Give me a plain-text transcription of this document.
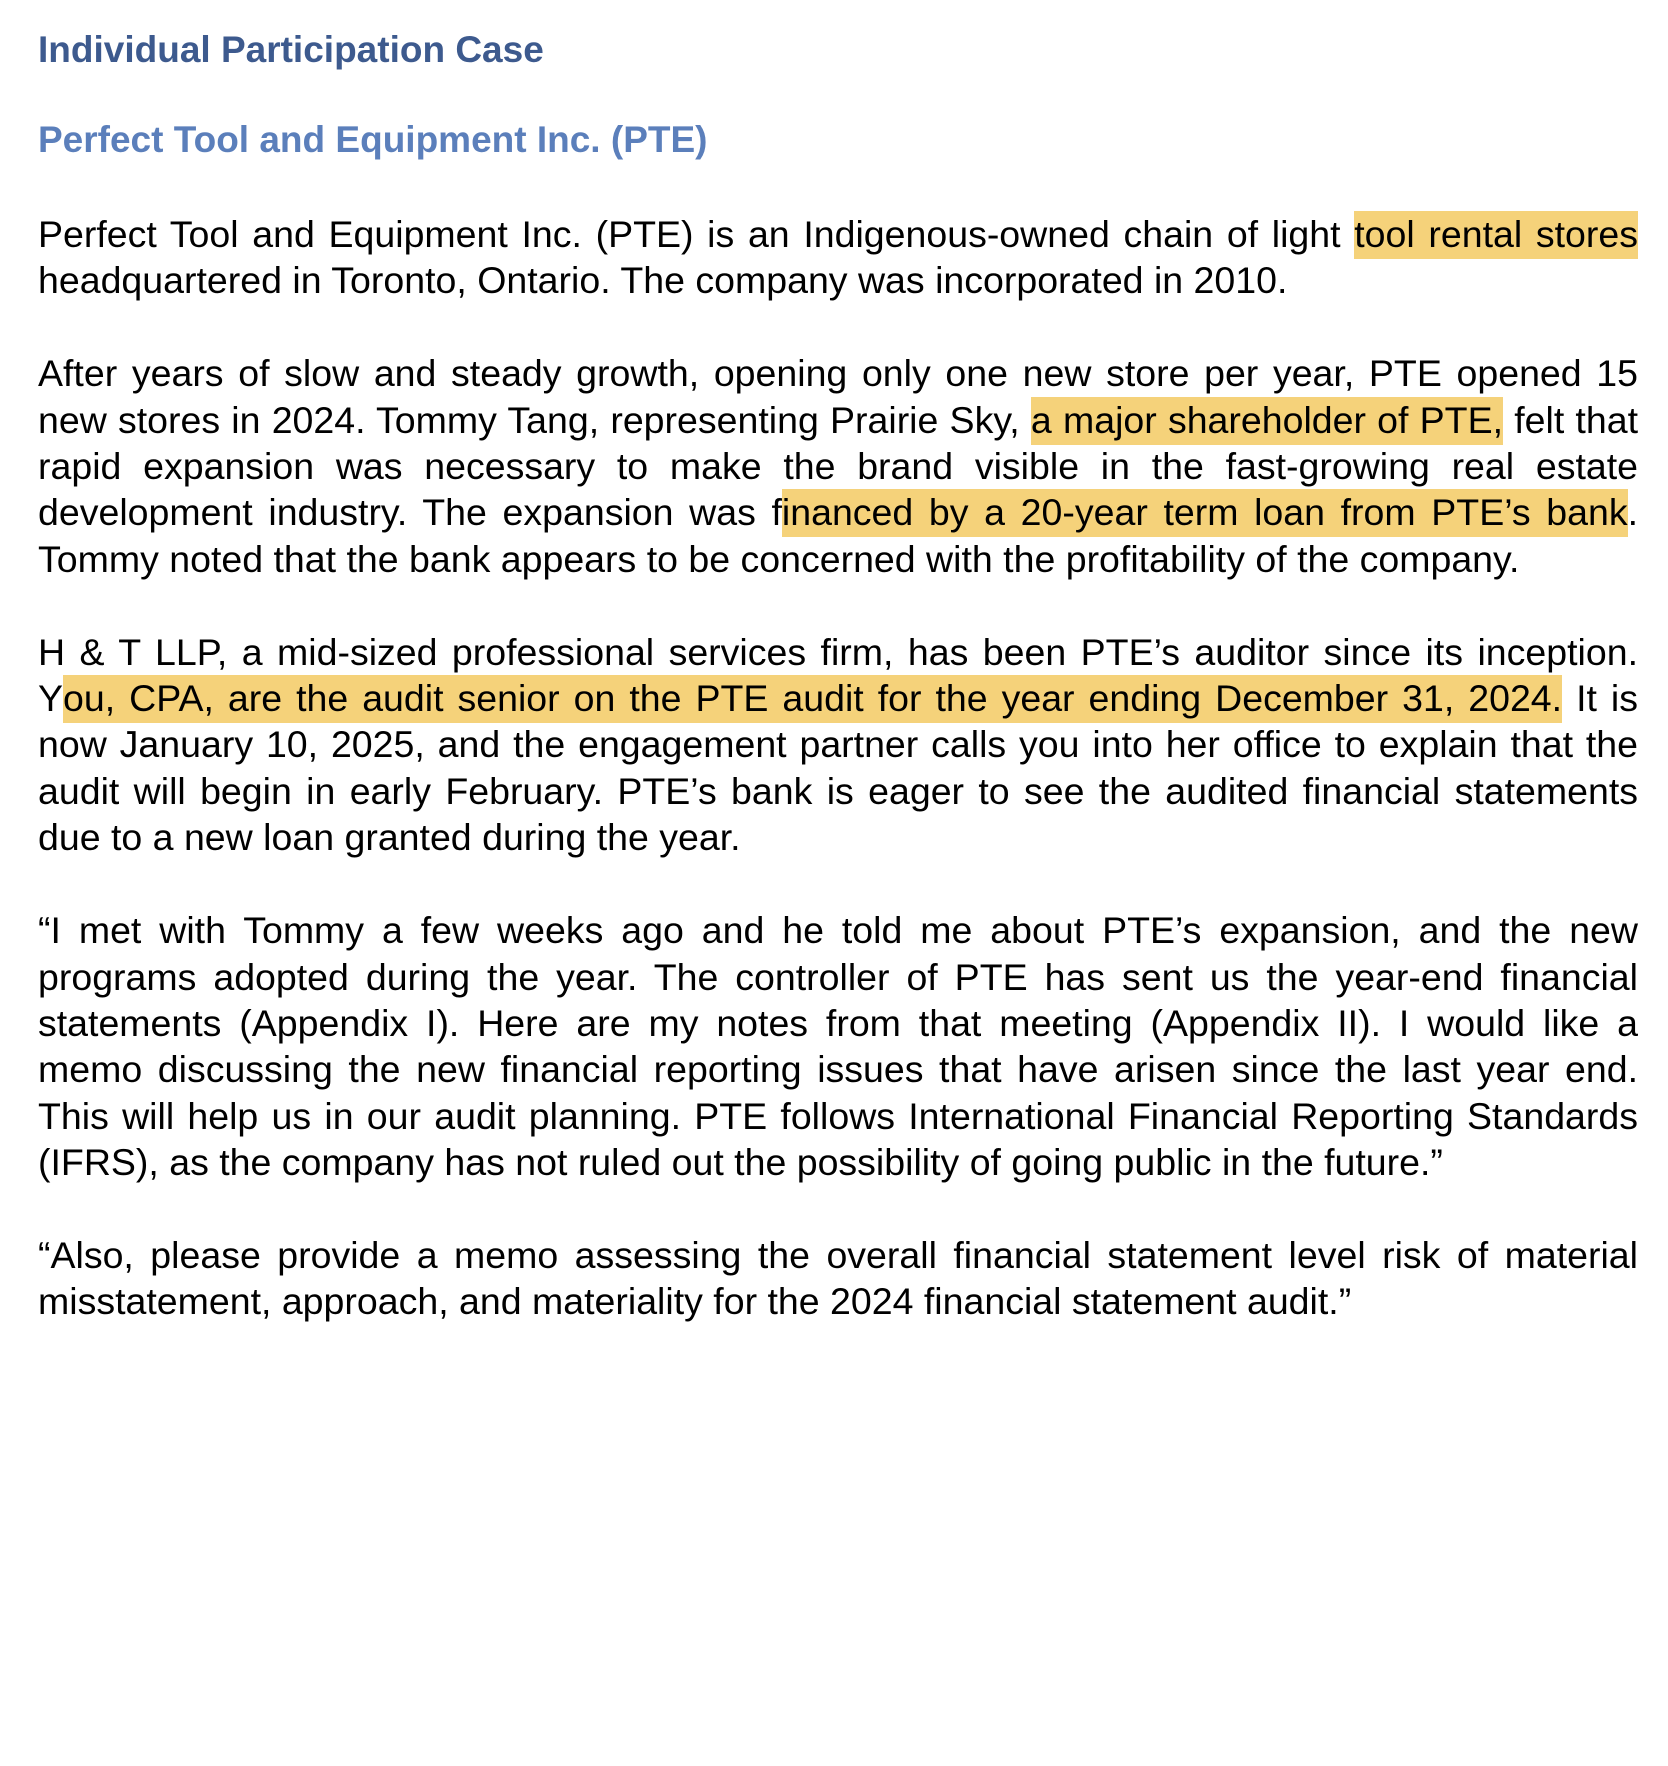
Individual Participation Case
Perfect Tool and Equipment Inc. (PTE)

Perfect Tool and Equipment Inc. (PTE) is an Indigenous-owned chain of light tool rental stores headquartered in Toronto, Ontario. The company was incorporated in 2010.

After years of slow and steady growth, opening only one new store per year, PTE opened 15 new stores in 2024. Tommy Tang, representing Prairie Sky, a major shareholder of PTE, felt that rapid expansion was necessary to make the brand visible in the fast-growing real estate development industry. The expansion was financed by a 20-year term loan from PTE’s bank. Tommy noted that the bank appears to be concerned with the profitability of the company.

H & T LLP, a mid-sized professional services firm, has been PTE’s auditor since its inception. You, CPA, are the audit senior on the PTE audit for the year ending December 31, 2024. It is now January 10, 2025, and the engagement partner calls you into her office to explain that the audit will begin in early February. PTE’s bank is eager to see the audited financial statements due to a new loan granted during the year.

“I met with Tommy a few weeks ago and he told me about PTE’s expansion, and the new programs adopted during the year. The controller of PTE has sent us the year-end financial statements (Appendix I). Here are my notes from that meeting (Appendix II). I would like a memo discussing the new financial reporting issues that have arisen since the last year end. This will help us in our audit planning. PTE follows International Financial Reporting Standards (IFRS), as the company has not ruled out the possibility of going public in the future.”

“Also, please provide a memo assessing the overall financial statement level risk of material misstatement, approach, and materiality for the 2024 financial statement audit.”
